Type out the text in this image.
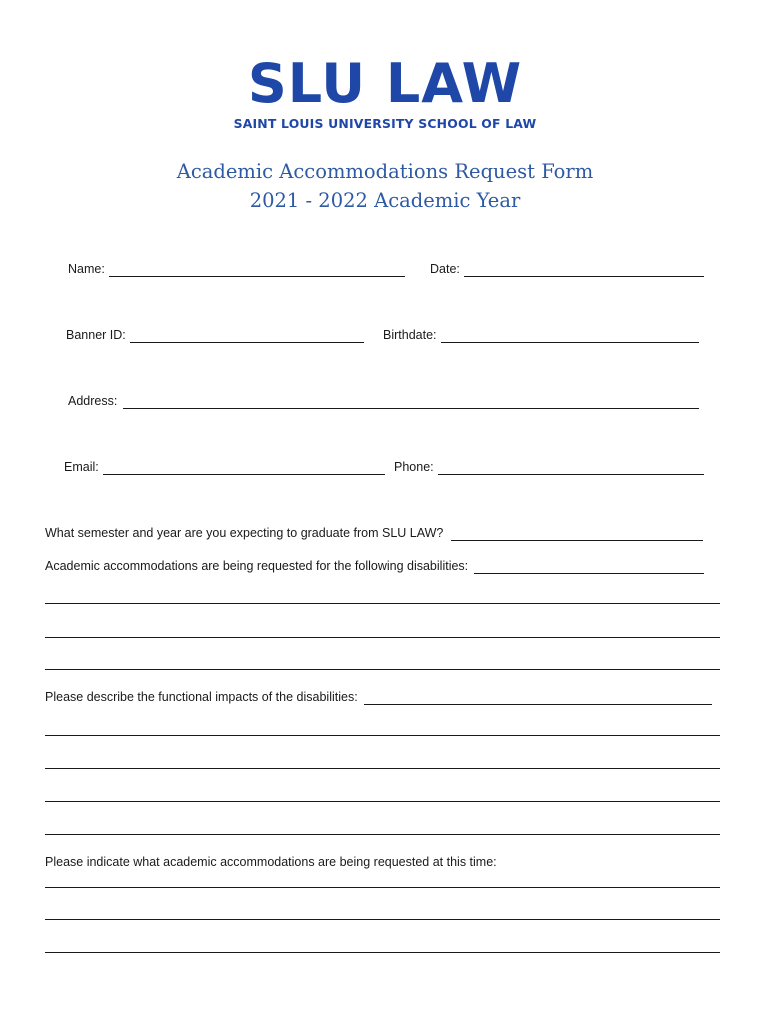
SLU LAW
SAINT LOUIS UNIVERSITY SCHOOL OF LAW
Academic Accommodations Request Form
2021 - 2022 Academic Year
Name:	Date:
Banner ID:	Birthdate:
Address:
Email:	Phone:
What semester and year are you expecting to graduate from SLU LAW?
Academic accommodations are being requested for the following disabilities:
Please describe the functional impacts of the disabilities:
Please indicate what academic accommodations are being requested at this time:
